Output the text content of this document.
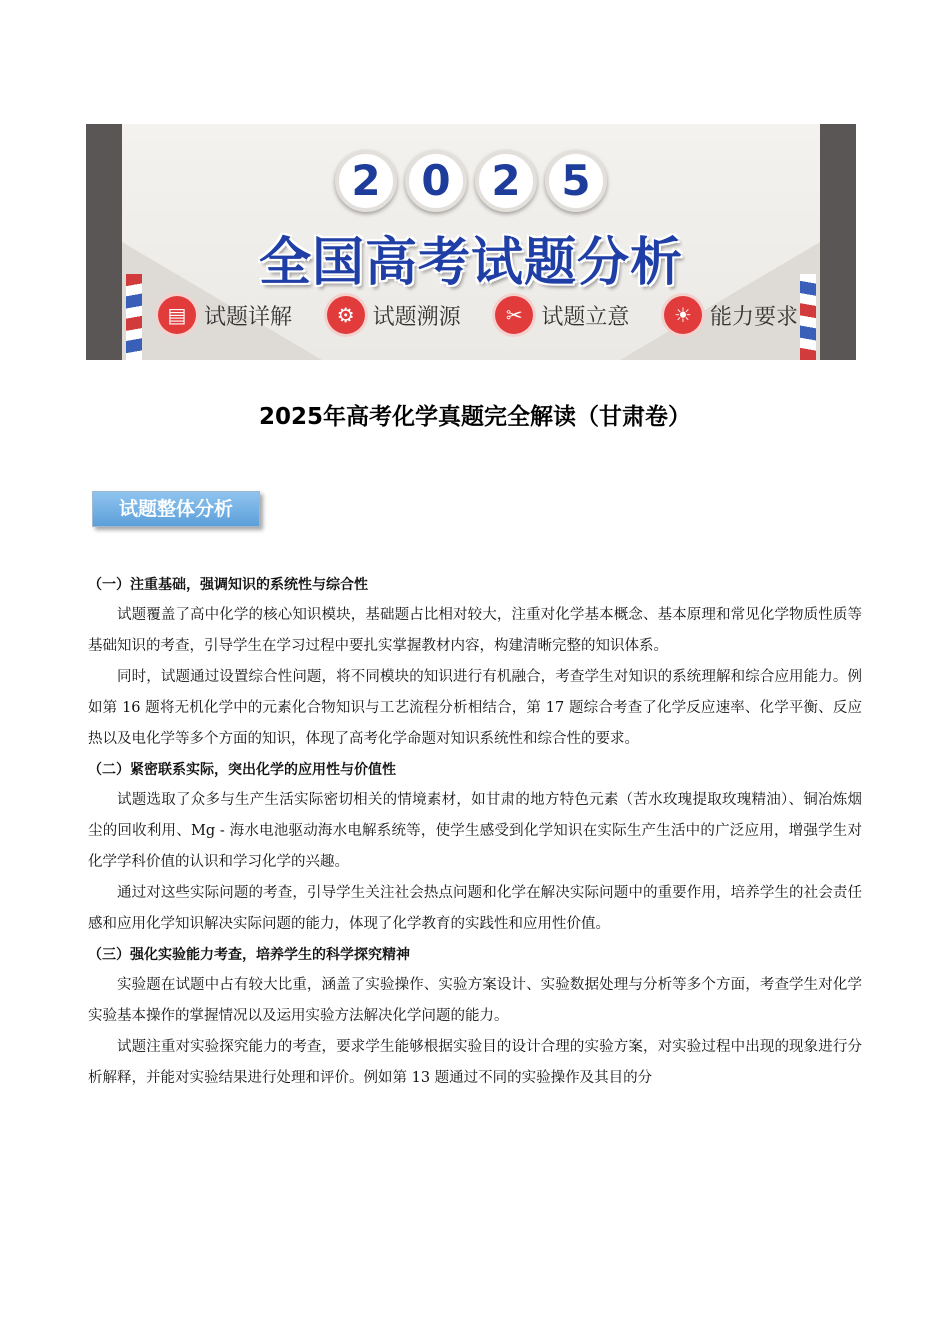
2 0 2 5
全国高考试题分析
▤ 试题详解	⚙ 试题溯源	✂ 试题立意	☀ 能力要求
2025年高考化学真题完全解读（甘肃卷）
试题整体分析

（一）注重基础，强调知识的系统性与综合性

试题覆盖了高中化学的核心知识模块，基础题占比相对较大，注重对化学基本概念、基本原理和常见化学物质性质等基础知识的考查，引导学生在学习过程中要扎实掌握教材内容，构建清晰完整的知识体系。

同时，试题通过设置综合性问题，将不同模块的知识进行有机融合，考查学生对知识的系统理解和综合应用能力。例如第 16 题将无机化学中的元素化合物知识与工艺流程分析相结合，第 17 题综合考查了化学反应速率、化学平衡、反应热以及电化学等多个方面的知识，体现了高考化学命题对知识系统性和综合性的要求。

（二）紧密联系实际，突出化学的应用性与价值性

试题选取了众多与生产生活实际密切相关的情境素材，如甘肃的地方特色元素（苦水玫瑰提取玫瑰精油）、铜冶炼烟尘的回收利用、Mg - 海水电池驱动海水电解系统等，使学生感受到化学知识在实际生产生活中的广泛应用，增强学生对化学学科价值的认识和学习化学的兴趣。

通过对这些实际问题的考查，引导学生关注社会热点问题和化学在解决实际问题中的重要作用，培养学生的社会责任感和应用化学知识解决实际问题的能力，体现了化学教育的实践性和应用性价值。

（三）强化实验能力考查，培养学生的科学探究精神

实验题在试题中占有较大比重，涵盖了实验操作、实验方案设计、实验数据处理与分析等多个方面，考查学生对化学实验基本操作的掌握情况以及运用实验方法解决化学问题的能力。

试题注重对实验探究能力的考查，要求学生能够根据实验目的设计合理的实验方案，对实验过程中出现的现象进行分析解释，并能对实验结果进行处理和评价。例如第 13 题通过不同的实验操作及其目的分
